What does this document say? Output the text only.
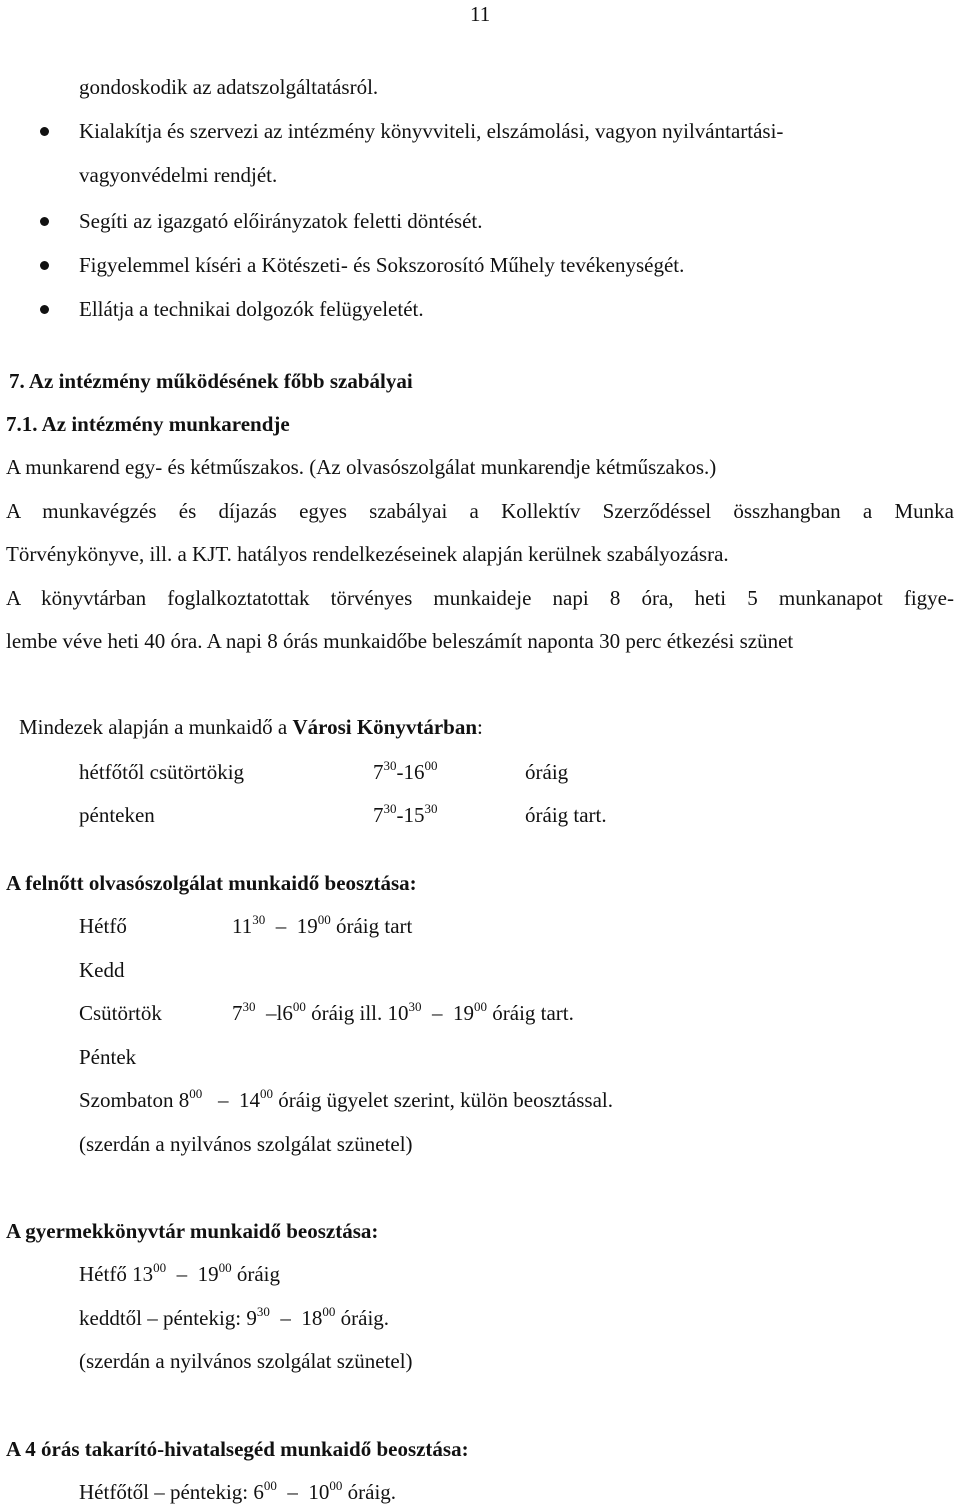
11
gondoskodik az adatszolgáltatásról.
Kialakítja és szervezi az intézmény könyvviteli, elszámolási, vagyon nyilvántartási-
vagyonvédelmi rendjét.
Segíti az igazgató előirányzatok feletti döntését.
Figyelemmel kíséri a Kötészeti- és Sokszorosító Műhely tevékenységét.
Ellátja a technikai dolgozók felügyeletét.
7. Az intézmény működésének főbb szabályai
7.1. Az intézmény munkarendje
A munkarend egy- és kétműszakos. (Az olvasószolgálat munkarendje kétműszakos.)
A munkavégzés és díjazás egyes szabályai a Kollektív Szerződéssel összhangban a Munka
Törvénykönyve, ill. a KJT. hatályos rendelkezéseinek alapján kerülnek szabályozásra.
A könyvtárban foglalkoztatottak törvényes munkaideje napi 8 óra, heti 5 munkanapot figye-
lembe véve heti 40 óra. A napi 8 órás munkaidőbe beleszámít naponta 30 perc étkezési szünet
Mindezek alapján a munkaidő a Városi Könyvtárban:
hétfőtől csütörtökig	$7^{30}-16^{00}$	óráig
pénteken	$7^{30}-15^{30}$	óráig tart.
A felnőtt olvasószolgálat munkaidő beosztása:
Hétfő	$11^{30} - 19^{00}$ óráig tart
Kedd
Csütörtök	$7^{30}$ $-l6^{00}$ óráig ill. $10^{30} - 19^{00}$ óráig tart.
Péntek
Szombaton $8^{00} - 14^{00}$ óráig ügyelet szerint, külön beosztással.
(szerdán a nyilvános szolgálat szünetel)
A gyermekkönyvtár munkaidő beosztása:
Hétfő $13^{00} - 19^{00}$ óráig
keddtől – péntekig: $9^{30} - 18^{00}$ óráig.
(szerdán a nyilvános szolgálat szünetel)
A 4 órás takarító-hivatalsegéd munkaidő beosztása:
Hétfőtől – péntekig: $6^{00} - 10^{00}$ óráig.
